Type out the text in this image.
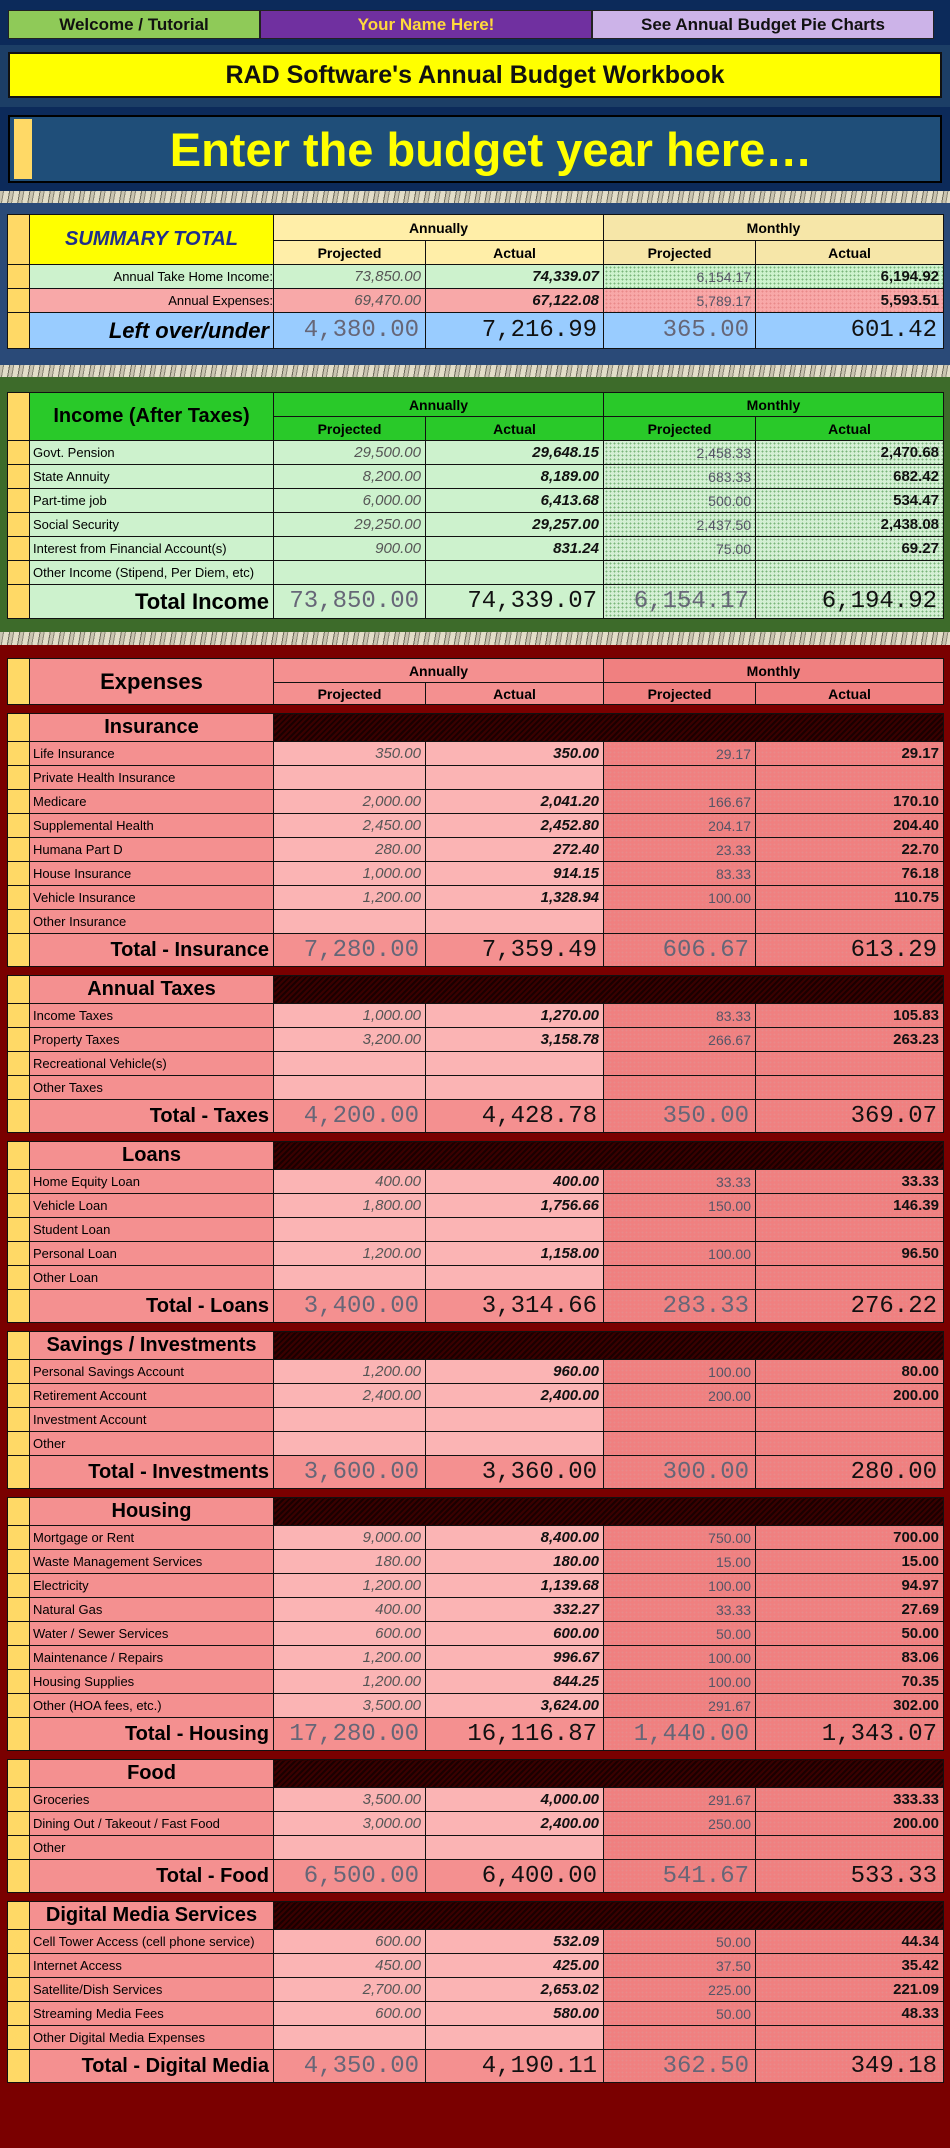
Welcome / Tutorial	Your Name Here!	See Annual Budget Pie Charts
RAD Software's Annual Budget Workbook
Enter the budget year here…
	SUMMARY TOTAL	Annually		Monthly	
		Projected	Actual	Projected	Actual
	Annual Take Home Income:	73,850.00	74,339.07	6,154.17	6,194.92
	Annual Expenses:	69,470.00	67,122.08	5,789.17	5,593.51
	Left over/under	4,380.00	7,216.99	365.00	601.42
	Income (After Taxes)	Annually		Monthly	
		Projected	Actual	Projected	Actual
	Govt. Pension	29,500.00	29,648.15	2,458.33	2,470.68
	State Annuity	8,200.00	8,189.00	683.33	682.42
	Part-time job	6,000.00	6,413.68	500.00	534.47
	Social Security	29,250.00	29,257.00	2,437.50	2,438.08
	Interest from Financial Account(s)	900.00	831.24	75.00	69.27
	Other Income (Stipend, Per Diem, etc)				
	Total Income	73,850.00	74,339.07	6,154.17	6,194.92
	Expenses	Annually		Monthly	
		Projected	Actual	Projected	Actual
	Insurance				
	Life Insurance	350.00	350.00	29.17	29.17
	Private Health Insurance				
	Medicare	2,000.00	2,041.20	166.67	170.10
	Supplemental Health	2,450.00	2,452.80	204.17	204.40
	Humana Part D	280.00	272.40	23.33	22.70
	House Insurance	1,000.00	914.15	83.33	76.18
	Vehicle Insurance	1,200.00	1,328.94	100.00	110.75
	Other Insurance				
	Total - Insurance	7,280.00	7,359.49	606.67	613.29
	Annual Taxes				
	Income Taxes	1,000.00	1,270.00	83.33	105.83
	Property Taxes	3,200.00	3,158.78	266.67	263.23
	Recreational Vehicle(s)				
	Other Taxes				
	Total - Taxes	4,200.00	4,428.78	350.00	369.07
	Loans				
	Home Equity Loan	400.00	400.00	33.33	33.33
	Vehicle Loan	1,800.00	1,756.66	150.00	146.39
	Student Loan				
	Personal Loan	1,200.00	1,158.00	100.00	96.50
	Other Loan				
	Total - Loans	3,400.00	3,314.66	283.33	276.22
	Savings / Investments				
	Personal Savings Account	1,200.00	960.00	100.00	80.00
	Retirement Account	2,400.00	2,400.00	200.00	200.00
	Investment Account				
	Other				
	Total - Investments	3,600.00	3,360.00	300.00	280.00
	Housing				
	Mortgage or Rent	9,000.00	8,400.00	750.00	700.00
	Waste Management Services	180.00	180.00	15.00	15.00
	Electricity	1,200.00	1,139.68	100.00	94.97
	Natural Gas	400.00	332.27	33.33	27.69
	Water / Sewer Services	600.00	600.00	50.00	50.00
	Maintenance / Repairs	1,200.00	996.67	100.00	83.06
	Housing Supplies	1,200.00	844.25	100.00	70.35
	Other (HOA fees, etc.)	3,500.00	3,624.00	291.67	302.00
	Total - Housing	17,280.00	16,116.87	1,440.00	1,343.07
	Food				
	Groceries	3,500.00	4,000.00	291.67	333.33
	Dining Out / Takeout / Fast Food	3,000.00	2,400.00	250.00	200.00
	Other				
	Total - Food	6,500.00	6,400.00	541.67	533.33
	Digital Media Services				
	Cell Tower Access (cell phone service)	600.00	532.09	50.00	44.34
	Internet Access	450.00	425.00	37.50	35.42
	Satellite/Dish Services	2,700.00	2,653.02	225.00	221.09
	Streaming Media Fees	600.00	580.00	50.00	48.33
	Other Digital Media Expenses				
	Total - Digital Media	4,350.00	4,190.11	362.50	349.18
